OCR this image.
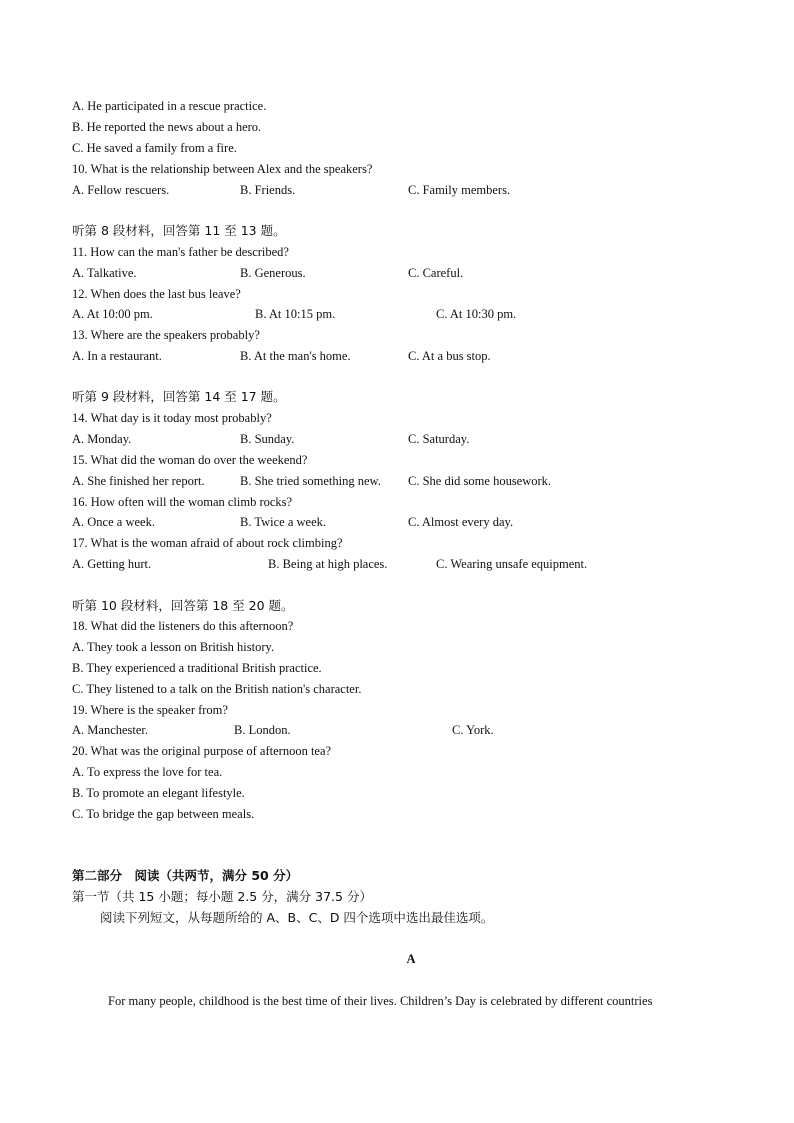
A. He participated in a rescue practice.
B. He reported the news about a hero.
C. He saved a family from a fire.
10. What is the relationship between Alex and the speakers?
A. Fellow rescuers.	B. Friends.	C. Family members.
听第 8 段材料，回答第 11 至 13 题。
11. How can the man's father be described?
A. Talkative.	B. Generous.	C. Careful.
12. When does the last bus leave?
A. At 10:00 pm.	B. At 10:15 pm.	C. At 10:30 pm.
13. Where are the speakers probably?
A. In a restaurant.	B. At the man's home.	C. At a bus stop.
听第 9 段材料，回答第 14 至 17 题。
14. What day is it today most probably?
A. Monday.	B. Sunday.	C. Saturday.
15. What did the woman do over the weekend?
A. She finished her report.	B. She tried something new. C. She did some housework.
16. How often will the woman climb rocks?
A. Once a week.	B. Twice a week.	C. Almost every day.
17. What is the woman afraid of about rock climbing?
A. Getting hurt.	B. Being at high places.	C. Wearing unsafe equipment.
听第 10 段材料，回答第 18 至 20 题。
18. What did the listeners do this afternoon?
A. They took a lesson on British history.
B. They experienced a traditional British practice.
C. They listened to a talk on the British nation's character.
19. Where is the speaker from?
A. Manchester.	B. London.	C. York.
20. What was the original purpose of afternoon tea?
A. To express the love for tea.
B. To promote an elegant lifestyle.
C. To bridge the gap between meals.
第二部分　阅读（共两节，满分 50 分）
第一节（共 15 小题；每小题 2.5 分，满分 37.5 分）
阅读下列短文，从每题所给的 A、B、C、D 四个选项中选出最佳选项。
A
For many people, childhood is the best time of their lives. Children’s Day is celebrated by different countries
